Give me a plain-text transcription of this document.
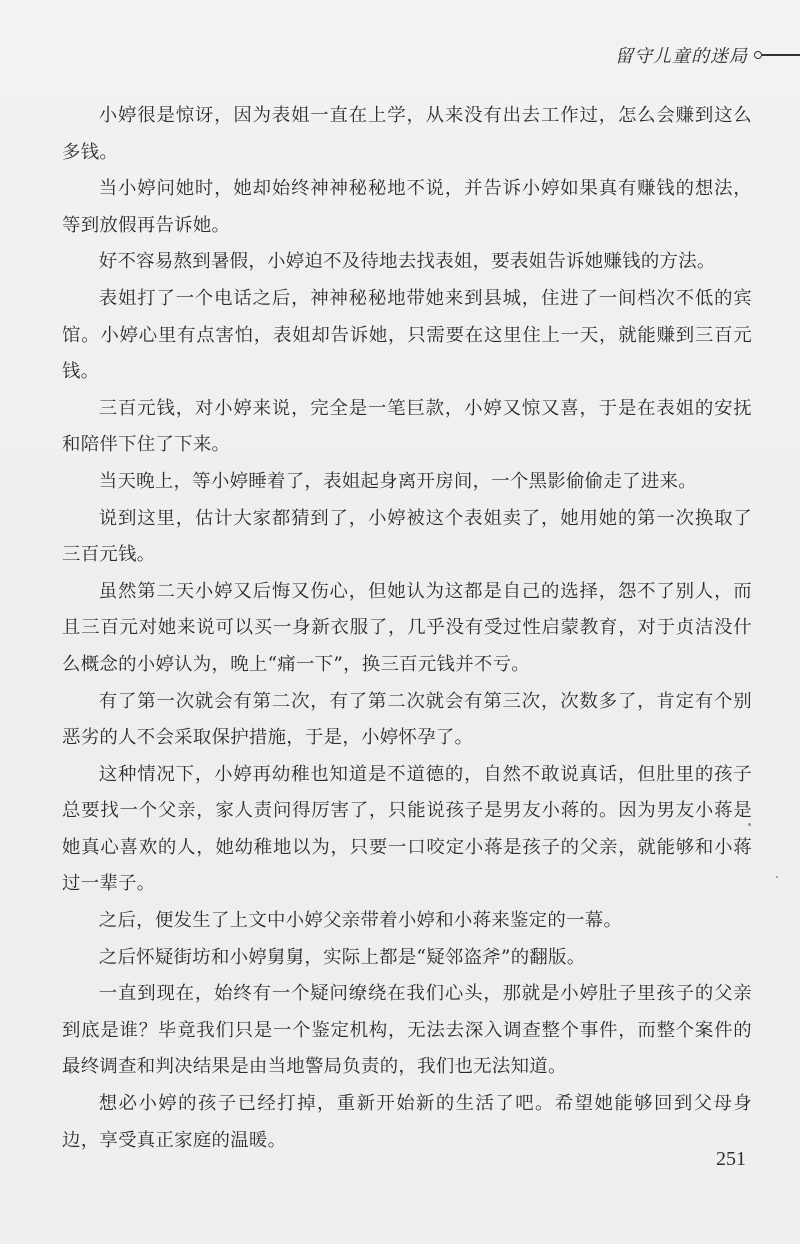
留守儿童的迷局

小婷很是惊讶，因为表姐一直在上学，从来没有出去工作过，怎么会赚到这么多钱。

当小婷问她时，她却始终神神秘秘地不说，并告诉小婷如果真有赚钱的想法，等到放假再告诉她。

好不容易熬到暑假，小婷迫不及待地去找表姐，要表姐告诉她赚钱的方法。

表姐打了一个电话之后，神神秘秘地带她来到县城，住进了一间档次不低的宾馆。小婷心里有点害怕，表姐却告诉她，只需要在这里住上一天，就能赚到三百元钱。

三百元钱，对小婷来说，完全是一笔巨款，小婷又惊又喜，于是在表姐的安抚和陪伴下住了下来。

当天晚上，等小婷睡着了，表姐起身离开房间，一个黑影偷偷走了进来。

说到这里，估计大家都猜到了，小婷被这个表姐卖了，她用她的第一次换取了三百元钱。

虽然第二天小婷又后悔又伤心，但她认为这都是自己的选择，怨不了别人，而且三百元对她来说可以买一身新衣服了，几乎没有受过性启蒙教育，对于贞洁没什么概念的小婷认为，晚上“痛一下”，换三百元钱并不亏。

有了第一次就会有第二次，有了第二次就会有第三次，次数多了，肯定有个别恶劣的人不会采取保护措施，于是，小婷怀孕了。

这种情况下，小婷再幼稚也知道是不道德的，自然不敢说真话，但肚里的孩子总要找一个父亲，家人责问得厉害了，只能说孩子是男友小蒋的。因为男友小蒋是她真心喜欢的人，她幼稚地以为，只要一口咬定小蒋是孩子的父亲，就能够和小蒋过一辈子。

之后，便发生了上文中小婷父亲带着小婷和小蒋来鉴定的一幕。

之后怀疑街坊和小婷舅舅，实际上都是“疑邻盗斧”的翻版。

一直到现在，始终有一个疑问缭绕在我们心头，那就是小婷肚子里孩子的父亲到底是谁？毕竟我们只是一个鉴定机构，无法去深入调查整个事件，而整个案件的最终调查和判决结果是由当地警局负责的，我们也无法知道。

想必小婷的孩子已经打掉，重新开始新的生活了吧。希望她能够回到父母身边，享受真正家庭的温暖。

251
